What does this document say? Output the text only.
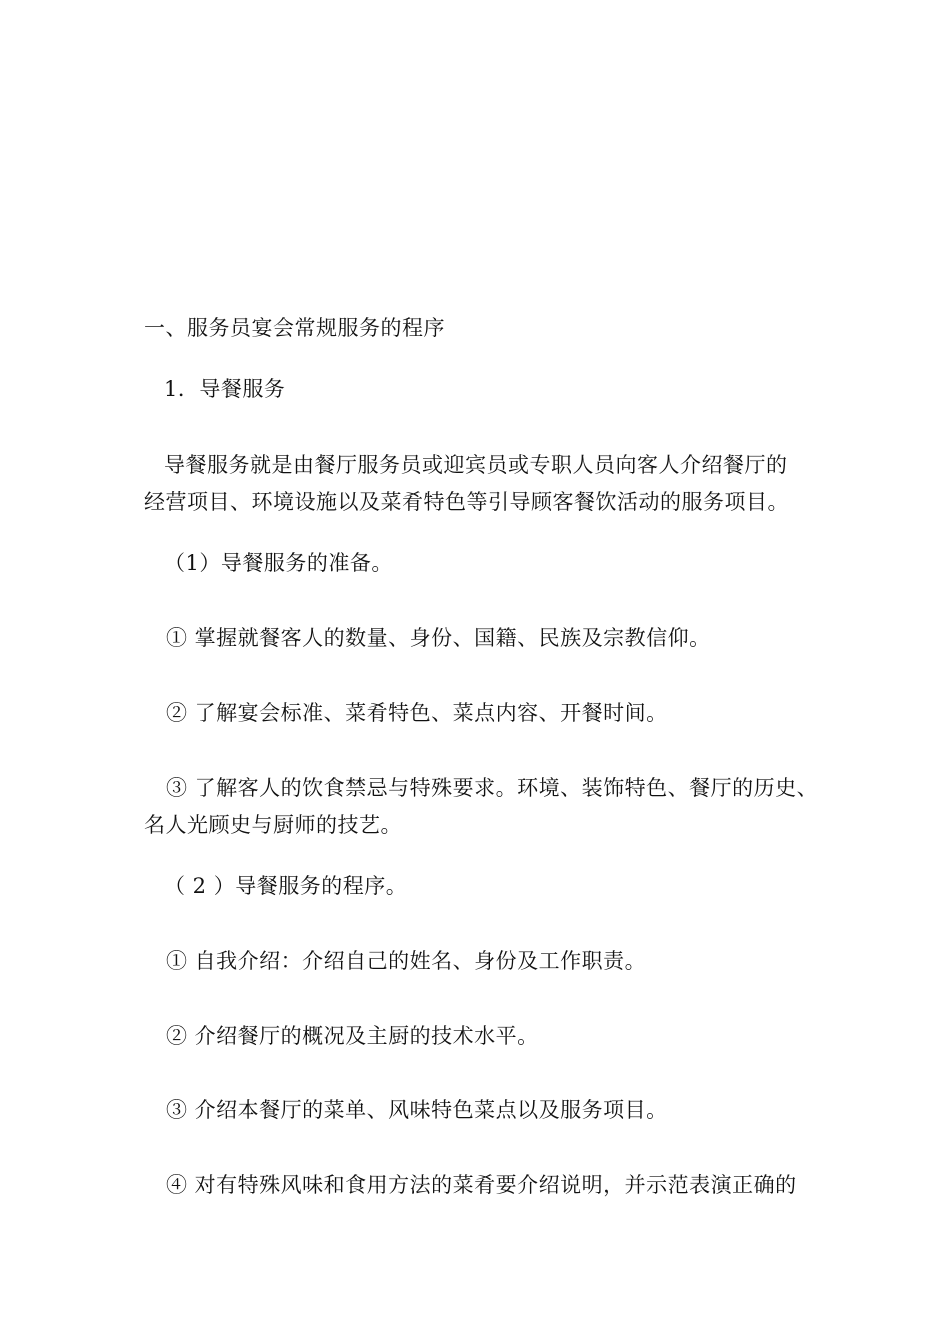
一、服务员宴会常规服务的程序
1．导餐服务
导餐服务就是由餐厅服务员或迎宾员或专职人员向客人介绍餐厅的
经营项目、环境设施以及菜肴特色等引导顾客餐饮活动的服务项目。
（1）导餐服务的准备。
① 掌握就餐客人的数量、身份、国籍、民族及宗教信仰。
② 了解宴会标准、菜肴特色、菜点内容、开餐时间。
③ 了解客人的饮食禁忌与特殊要求。环境、装饰特色、餐厅的历史、
名人光顾史与厨师的技艺。
（ 2 ）导餐服务的程序。
① 自我介绍：介绍自己的姓名、身份及工作职责。
② 介绍餐厅的概况及主厨的技术水平。
③ 介绍本餐厅的菜单、风味特色菜点以及服务项目。
④ 对有特殊风味和食用方法的菜肴要介绍说明，并示范表演正确的
